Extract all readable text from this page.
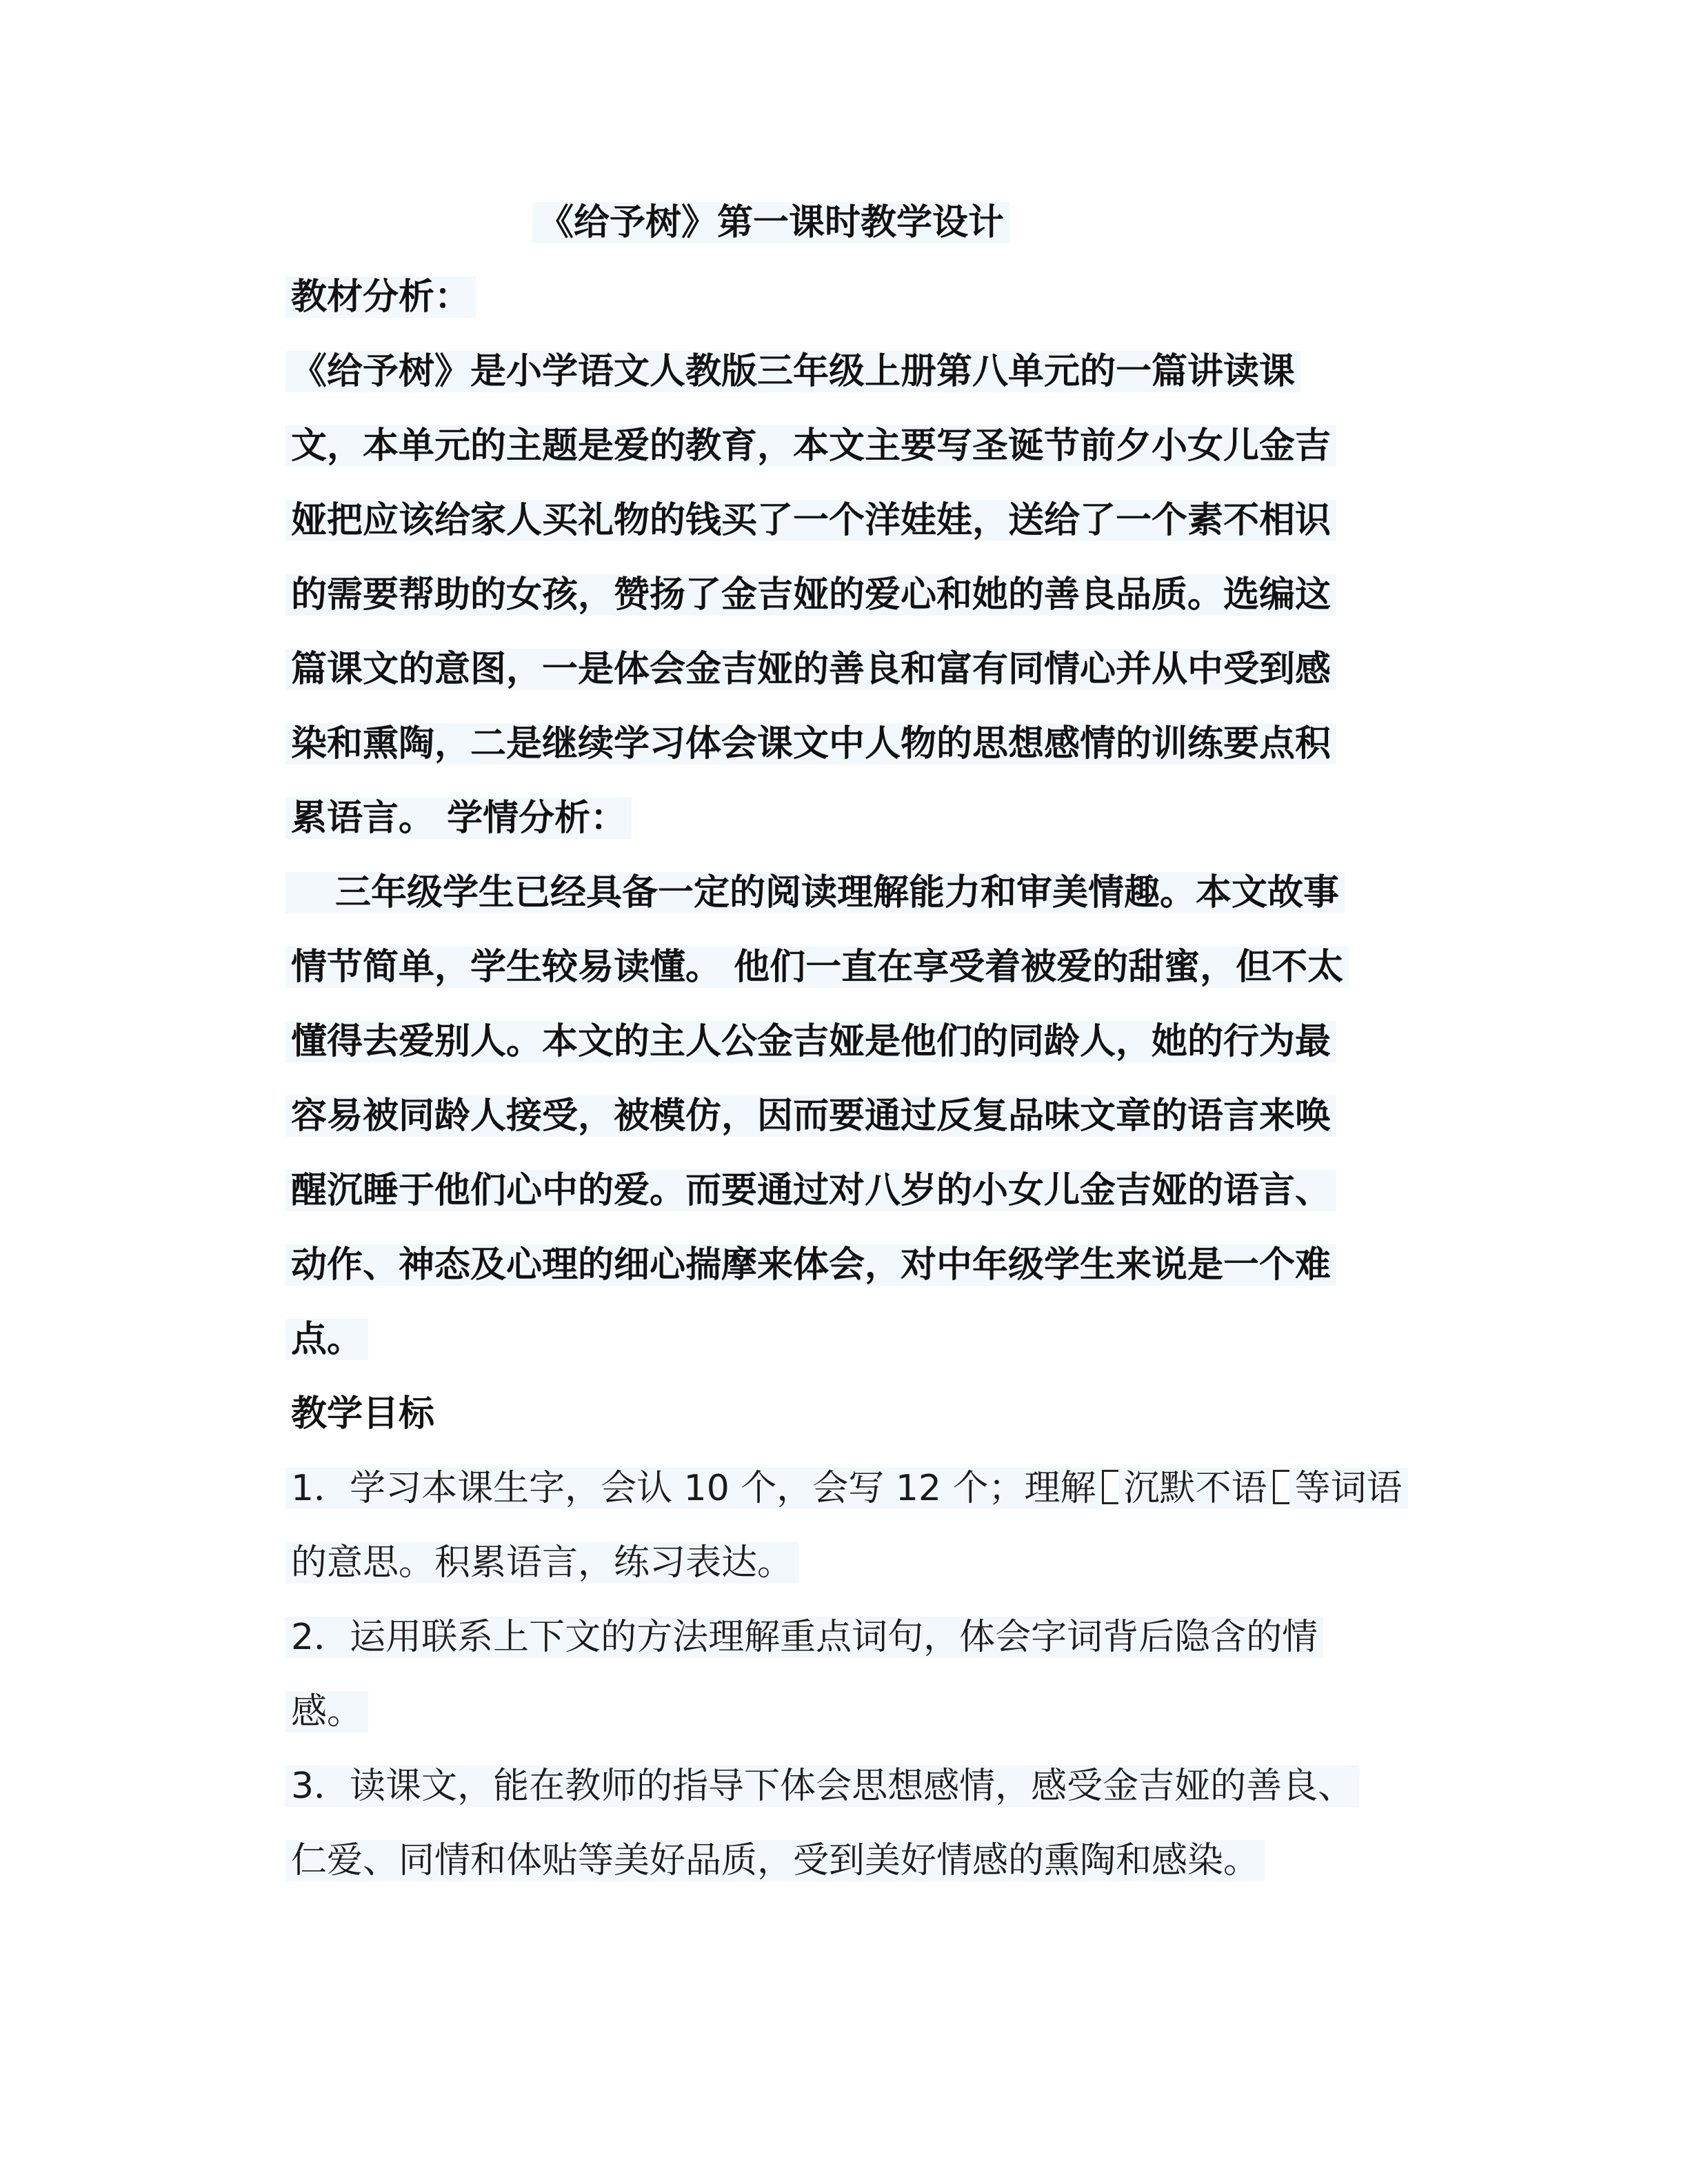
《给予树》第一课时教学设计
教材分析：
《给予树》是小学语文人教版三年级上册第八单元的一篇讲读课
文，本单元的主题是爱的教育，本文主要写圣诞节前夕小女儿金吉
娅把应该给家人买礼物的钱买了一个洋娃娃，送给了一个素不相识
的需要帮助的女孩，赞扬了金吉娅的爱心和她的善良品质。选编这
篇课文的意图，一是体会金吉娅的善良和富有同情心并从中受到感
染和熏陶，二是继续学习体会课文中人物的思想感情的训练要点积
累语言。 学情分析：
三年级学生已经具备一定的阅读理解能力和审美情趣。本文故事
情节简单，学生较易读懂。 他们一直在享受着被爱的甜蜜，但不太
懂得去爱别人。本文的主人公金吉娅是他们的同龄人，她的行为最
容易被同龄人接受，被模仿，因而要通过反复品味文章的语言来唤
醒沉睡于他们心中的爱。而要通过对八岁的小女儿金吉娅的语言、
动作、神态及心理的细心揣摩来体会，对中年级学生来说是一个难
点。
教学目标
1．学习本课生字，会认 10 个，会写 12 个；理解 沉默不语 等词语
的意思。积累语言，练习表达。
2．运用联系上下文的方法理解重点词句，体会字词背后隐含的情
感。
3．读课文，能在教师的指导下体会思想感情，感受金吉娅的善良、
仁爱、同情和体贴等美好品质，受到美好情感的熏陶和感染。
